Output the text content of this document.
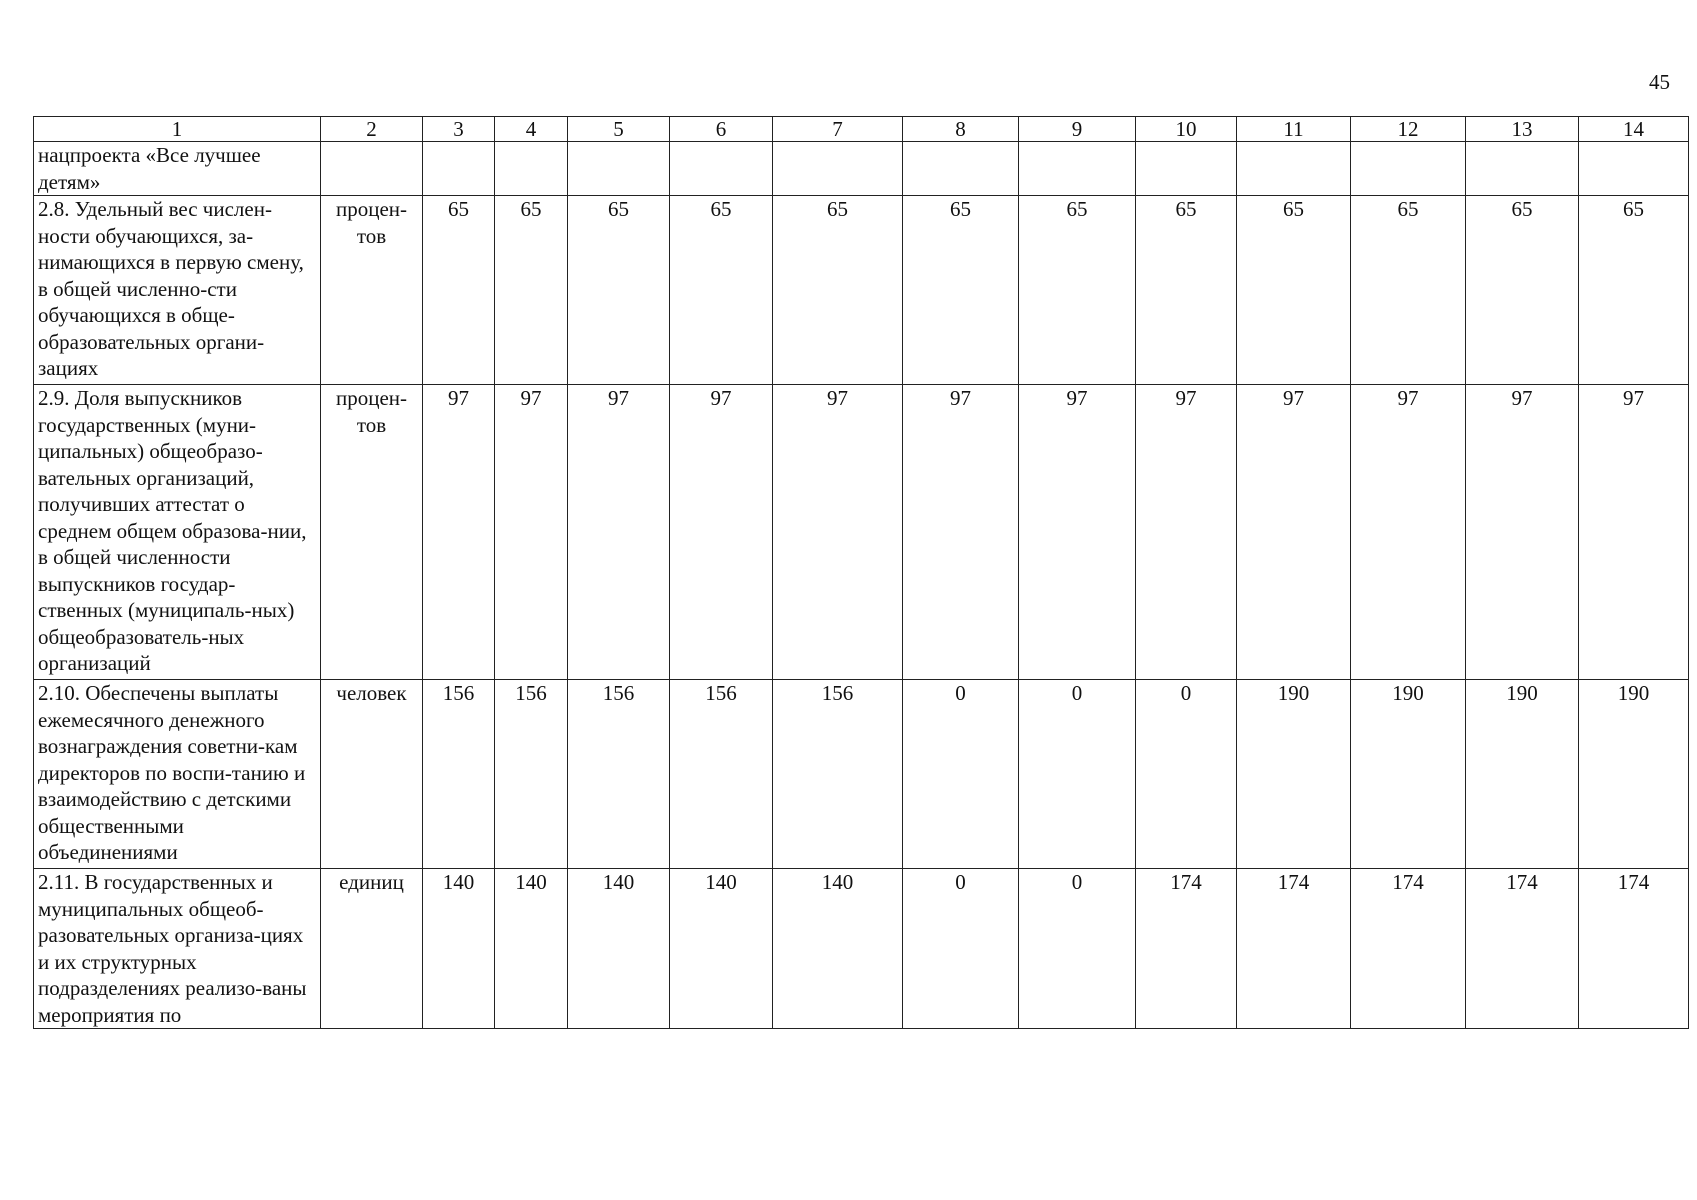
45
1	2	3	4	5	6	7	8	9	10	11	12	13	14
нацпроекта «Все лучшее детям»													
2.8. Удельный вес числен-ности обучающихся, за-нимающихся в первую смену, в общей численно-сти обучающихся в обще-образовательных органи-зациях	процен-тов	65	65	65	65	65	65	65	65	65	65	65	65
2.9. Доля выпускников государственных (муни-ципальных) общеобразо-вательных организаций, получивших аттестат о среднем общем образова-нии, в общей численности выпускников государ-ственных (муниципаль-ных) общеобразователь-ных организаций	процен-тов	97	97	97	97	97	97	97	97	97	97	97	97
2.10. Обеспечены выплаты ежемесячного денежного вознаграждения советни-кам директоров по воспи-танию и взаимодействию с детскими общественными объединениями	человек	156	156	156	156	156	0	0	0	190	190	190	190
2.11. В государственных и муниципальных общеоб-разовательных организа-циях и их структурных подразделениях реализо-ваны мероприятия по	единиц	140	140	140	140	140	0	0	174	174	174	174	174
